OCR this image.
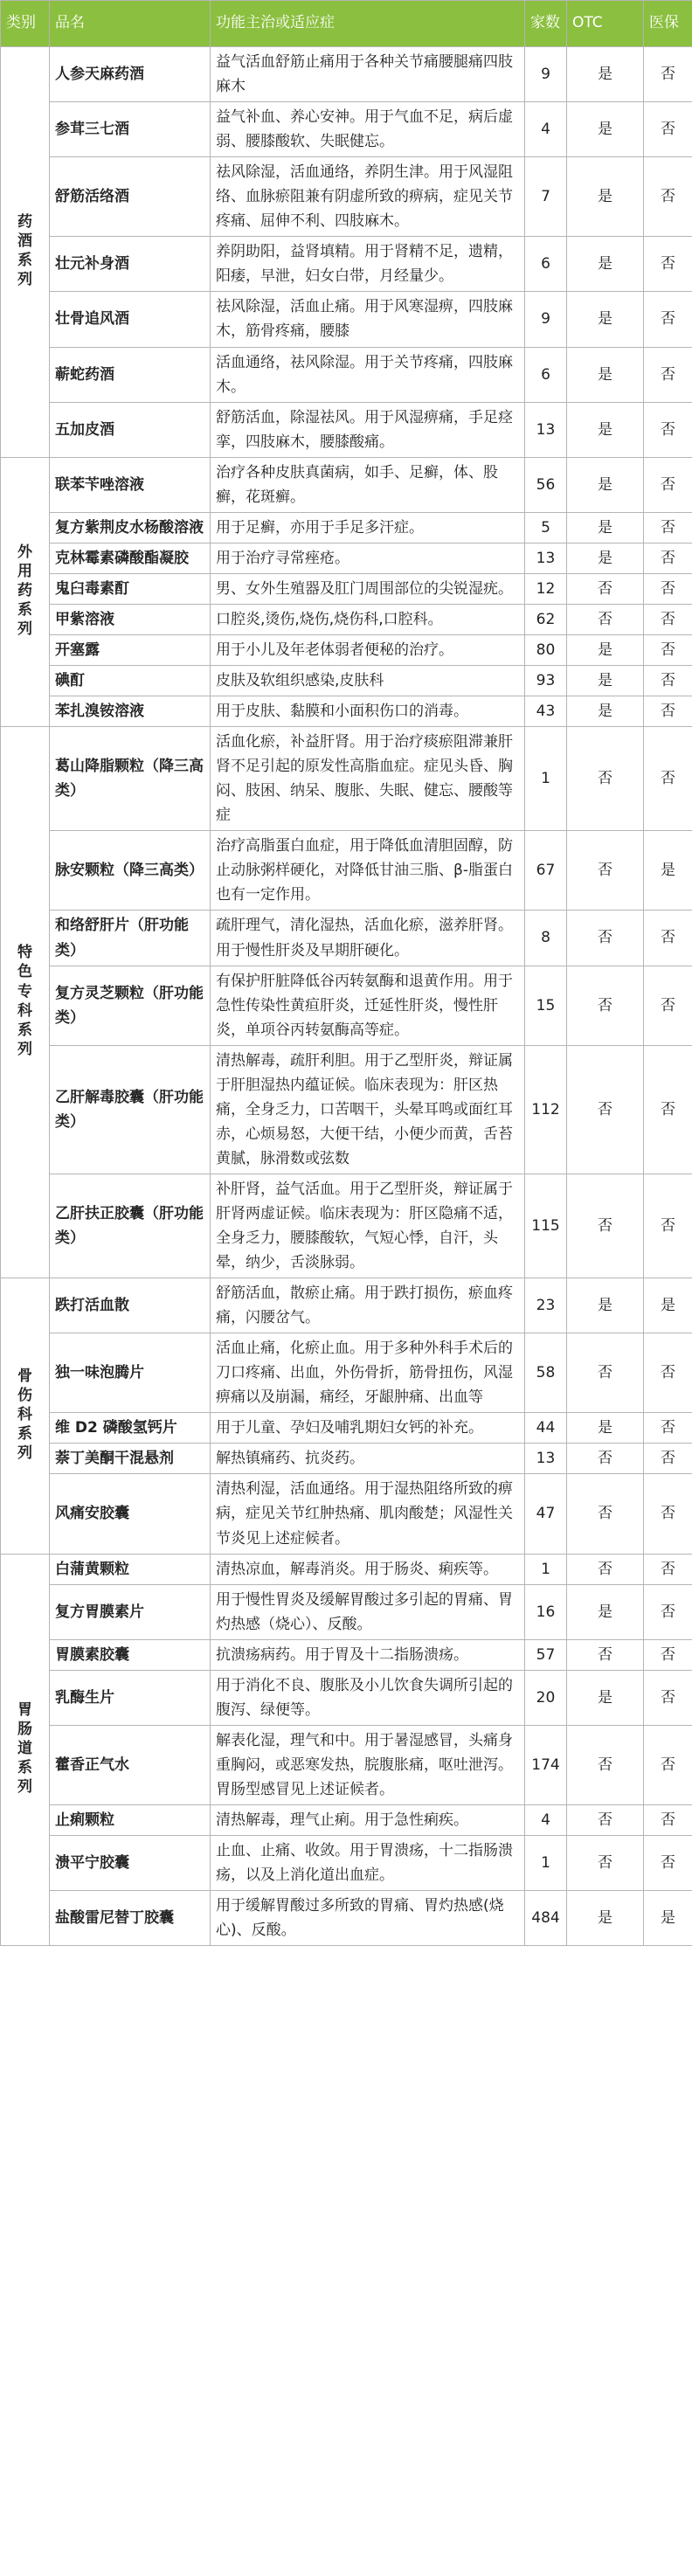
类别	品名	功能主治或适应症	家数	OTC	医保
药酒系列	人参天麻药酒	益气活血舒筋止痛用于各种关节痛腰腿痛四肢麻木	9	是	否
	参茸三七酒	益气补血、养心安神。用于气血不足，病后虚弱、腰膝酸软、失眠健忘。	4	是	否
	舒筋活络酒	祛风除湿，活血通络，养阴生津。用于风湿阻络、血脉瘀阻兼有阴虚所致的痹病，症见关节疼痛、屈伸不利、四肢麻木。	7	是	否
	壮元补身酒	养阴助阳，益肾填精。用于肾精不足，遗精，阳痿，早泄，妇女白带，月经量少。	6	是	否
	壮骨追风酒	祛风除湿，活血止痛。用于风寒湿痹，四肢麻木，筋骨疼痛，腰膝	9	是	否
	蕲蛇药酒	活血通络，祛风除湿。用于关节疼痛，四肢麻木。	6	是	否
	五加皮酒	舒筋活血，除湿祛风。用于风湿痹痛，手足痉挛，四肢麻木，腰膝酸痛。	13	是	否
外用药系列	联苯苄唑溶液	治疗各种皮肤真菌病，如手、足癣，体、股癣，花斑癣。	56	是	否
	复方紫荆皮水杨酸溶液	用于足癣，亦用于手足多汗症。	5	是	否
	克林霉素磷酸酯凝胶	用于治疗寻常痤疮。	13	是	否
	鬼臼毒素酊	男、女外生殖器及肛门周围部位的尖锐湿疣。	12	否	否
	甲紫溶液	口腔炎,烫伤,烧伤,烧伤科,口腔科。	62	否	否
	开塞露	用于小儿及年老体弱者便秘的治疗。	80	是	否
	碘酊	皮肤及软组织感染,皮肤科	93	是	否
	苯扎溴铵溶液	用于皮肤、黏膜和小面积伤口的消毒。	43	是	否
特色专科系列	葛山降脂颗粒（降三高类）	活血化瘀，补益肝肾。用于治疗痰瘀阻滞兼肝肾不足引起的原发性高脂血症。症见头昏、胸闷、肢困、纳呆、腹胀、失眠、健忘、腰酸等症	1	否	否
	脉安颗粒（降三高类）	治疗高脂蛋白血症，用于降低血清胆固醇，防止动脉粥样硬化，对降低甘油三脂、β-脂蛋白也有一定作用。	67	否	是
	和络舒肝片（肝功能类）	疏肝理气，清化湿热，活血化瘀，滋养肝肾。用于慢性肝炎及早期肝硬化。	8	否	否
	复方灵芝颗粒（肝功能类）	有保护肝脏降低谷丙转氨酶和退黄作用。用于急性传染性黄疸肝炎，迁延性肝炎，慢性肝炎，单项谷丙转氨酶高等症。	15	否	否
	乙肝解毒胶囊（肝功能类）	清热解毒，疏肝利胆。用于乙型肝炎，辩证属于肝胆湿热内蕴证候。临床表现为：肝区热痛，全身乏力，口苦咽干，头晕耳鸣或面红耳赤，心烦易怒，大便干结，小便少而黄，舌苔黄腻，脉滑数或弦数	112	否	否
	乙肝扶正胶囊（肝功能类）	补肝肾，益气活血。用于乙型肝炎，辩证属于肝肾两虚证候。临床表现为：肝区隐痛不适，全身乏力，腰膝酸软，气短心悸，自汗，头晕，纳少，舌淡脉弱。	115	否	否
骨伤科系列	跌打活血散	舒筋活血，散瘀止痛。用于跌打损伤，瘀血疼痛，闪腰岔气。	23	是	是
	独一味泡腾片	活血止痛，化瘀止血。用于多种外科手术后的刀口疼痛、出血，外伤骨折，筋骨扭伤，风湿痹痛以及崩漏，痛经，牙龈肿痛、出血等	58	否	否
	维 D2 磷酸氢钙片	用于儿童、孕妇及哺乳期妇女钙的补充。	44	是	否
	萘丁美酮干混悬剂	解热镇痛药、抗炎药。	13	否	否
	风痛安胶囊	清热利湿，活血通络。用于湿热阻络所致的痹病，症见关节红肿热痛、肌肉酸楚；风湿性关节炎见上述症候者。	47	否	否
胃肠道系列	白蒲黄颗粒	清热凉血，解毒消炎。用于肠炎、痢疾等。	1	否	否
	复方胃膜素片	用于慢性胃炎及缓解胃酸过多引起的胃痛、胃灼热感（烧心）、反酸。	16	是	否
	胃膜素胶囊	抗溃疡病药。用于胃及十二指肠溃疡。	57	否	否
	乳酶生片	用于消化不良、腹胀及小儿饮食失调所引起的腹泻、绿便等。	20	是	否
	藿香正气水	解表化湿，理气和中。用于暑湿感冒，头痛身重胸闷，或恶寒发热，脘腹胀痛，呕吐泄泻。胃肠型感冒见上述证候者。	174	否	否
	止痢颗粒	清热解毒，理气止痢。用于急性痢疾。	4	否	否
	溃平宁胶囊	止血、止痛、收敛。用于胃溃疡，十二指肠溃疡，以及上消化道出血症。	1	否	否
	盐酸雷尼替丁胶囊	用于缓解胃酸过多所致的胃痛、胃灼热感(烧心)、反酸。	484	是	是
